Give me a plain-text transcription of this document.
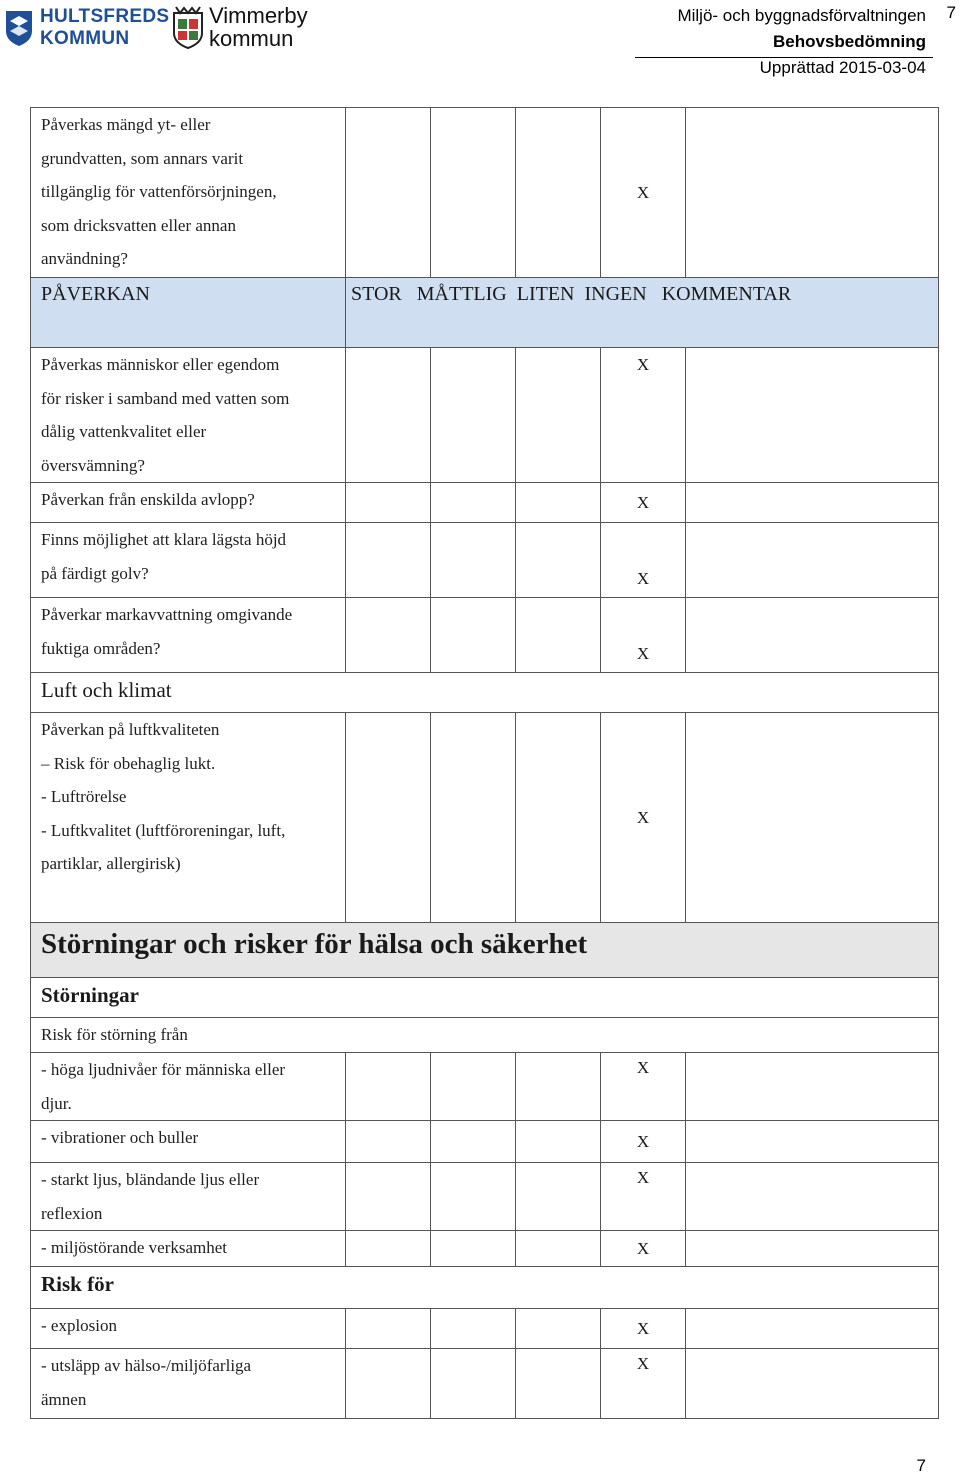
HULTSFREDS
KOMMUN
Vimmerby
kommun
Miljö- och byggnadsförvaltningen
Behovsbedömning
Upprättad 2015-03-04
7
Påverkas mängd yt- eller
grundvatten, som annars varit
tillgänglig för vattenförsörjningen,
som dricksvatten eller annan
användning?				X	
PÅVERKAN	STOR   MÅTTLIG  LITEN  INGEN   KOMMENTAR				

Påverkas människor eller egendom
för risker i samband med vatten som
dålig vattenkvalitet eller
översvämning?				X	
Påverkan från enskilda avlopp?				X	

Finns möjlighet att klara lägsta höjd
på färdigt golv?				X	

Påverkar markavvattning omgivande
fuktiga områden?				X	

Luft och klimat					

Påverkan på luftkvaliteten
– Risk för obehaglig lukt.
- Luftrörelse
- Luftkvalitet (luftföroreningar, luft,
partiklar, allergirisk)				X	

Störningar och risker för hälsa och säkerhet					

Störningar					

Risk för störning från					

- höga ljudnivåer för människa eller
djur.				X	
- vibrationer och buller				X	

- starkt ljus, bländande ljus eller
reflexion				X	
- miljöstörande verksamhet				X	

Risk för					

- explosion				X	

- utsläpp av hälso-/miljöfarliga
ämnen				X	
7
